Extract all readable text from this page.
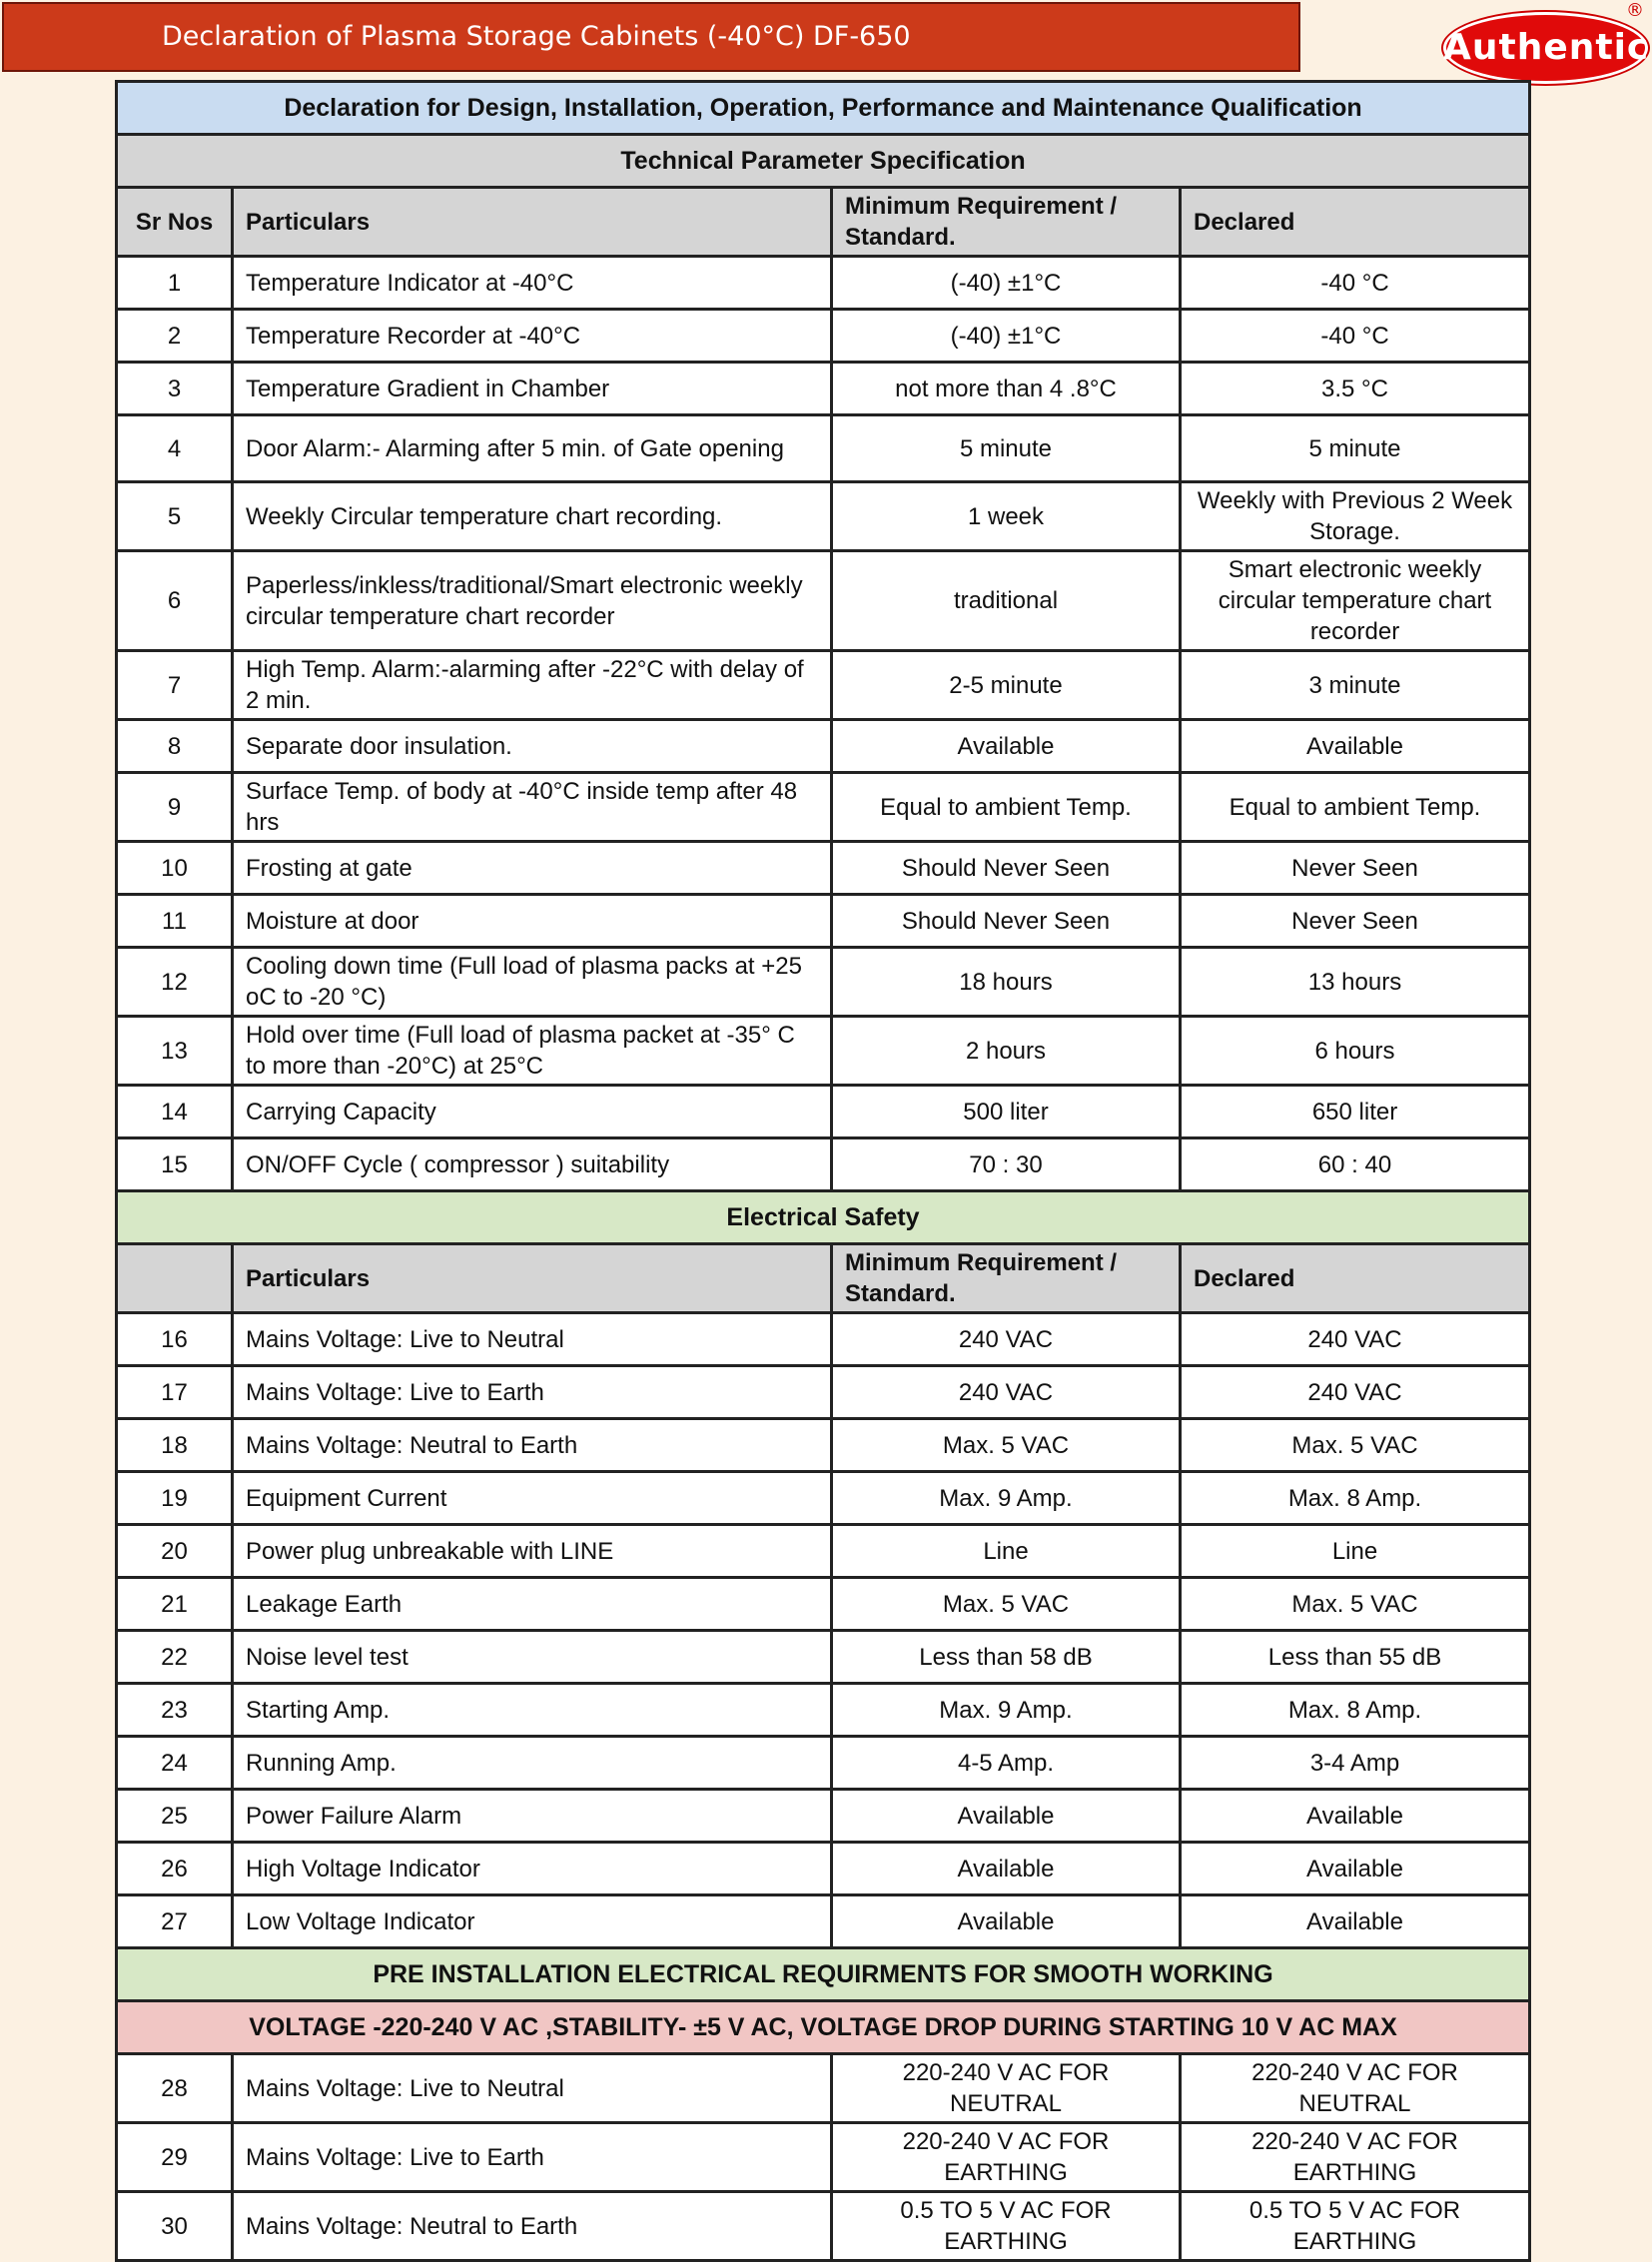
Declaration of Plasma Storage Cabinets (-40°C) DF-650	Authentic
®
Declaration for Design, Installation, Operation, Performance and Maintenance Qualification			
Technical Parameter Specification			
Sr Nos	Particulars	Minimum Requirement / Standard.	Declared
1	Temperature Indicator at -40°C	(-40) ±1°C	-40 °C
2	Temperature Recorder at -40°C	(-40) ±1°C	-40 °C
3	Temperature Gradient in Chamber	not more than 4 .8°C	3.5 °C
4	Door Alarm:- Alarming after 5 min. of Gate opening	5 minute	5 minute
5	Weekly Circular temperature chart recording.	1 week	Weekly with Previous 2 Week Storage.
6	Paperless/inkless/traditional/Smart electronic weekly circular temperature chart recorder	traditional	Smart electronic weekly circular temperature chart recorder
7	High Temp. Alarm:-alarming after -22°C with delay of 2 min.	2-5 minute	3 minute
8	Separate door insulation.	Available	Available
9	Surface Temp. of body at -40°C inside temp after 48 hrs	Equal to ambient Temp.	Equal to ambient Temp.
10	Frosting at gate	Should Never Seen	Never Seen
11	Moisture at door	Should Never Seen	Never Seen
12	Cooling down time (Full load of plasma packs at +25 oC to -20 °C)	18 hours	13 hours
13	Hold over time (Full load of plasma packet at -35° C to more than -20°C) at 25°C	2 hours	6 hours
14	Carrying Capacity	500 liter	650 liter
15	ON/OFF Cycle ( compressor ) suitability	70 : 30	60 : 40
Electrical Safety			
	Particulars	Minimum Requirement / Standard.	Declared
16	Mains Voltage: Live to Neutral	240 VAC	240 VAC
17	Mains Voltage: Live to Earth	240 VAC	240 VAC
18	Mains Voltage: Neutral to Earth	Max. 5 VAC	Max. 5 VAC
19	Equipment Current	Max. 9 Amp.	Max. 8 Amp.
20	Power plug unbreakable with LINE	Line	Line
21	Leakage Earth	Max. 5 VAC	Max. 5 VAC
22	Noise level test	Less than 58 dB	Less than 55 dB
23	Starting Amp.	Max. 9 Amp.	Max. 8 Amp.
24	Running Amp.	4-5 Amp.	3-4 Amp
25	Power Failure Alarm	Available	Available
26	High Voltage Indicator	Available	Available
27	Low Voltage Indicator	Available	Available
PRE INSTALLATION ELECTRICAL REQUIRMENTS FOR SMOOTH WORKING			
VOLTAGE -220-240 V AC ,STABILITY- ±5 V AC, VOLTAGE DROP DURING STARTING 10 V AC MAX			
28	Mains Voltage: Live to Neutral	220-240 V AC FOR NEUTRAL	220-240 V AC FOR NEUTRAL
29	Mains Voltage: Live to Earth	220-240 V AC FOR EARTHING	220-240 V AC FOR EARTHING
30	Mains Voltage: Neutral to Earth	0.5 TO 5 V AC FOR EARTHING	0.5 TO 5 V AC FOR EARTHING
